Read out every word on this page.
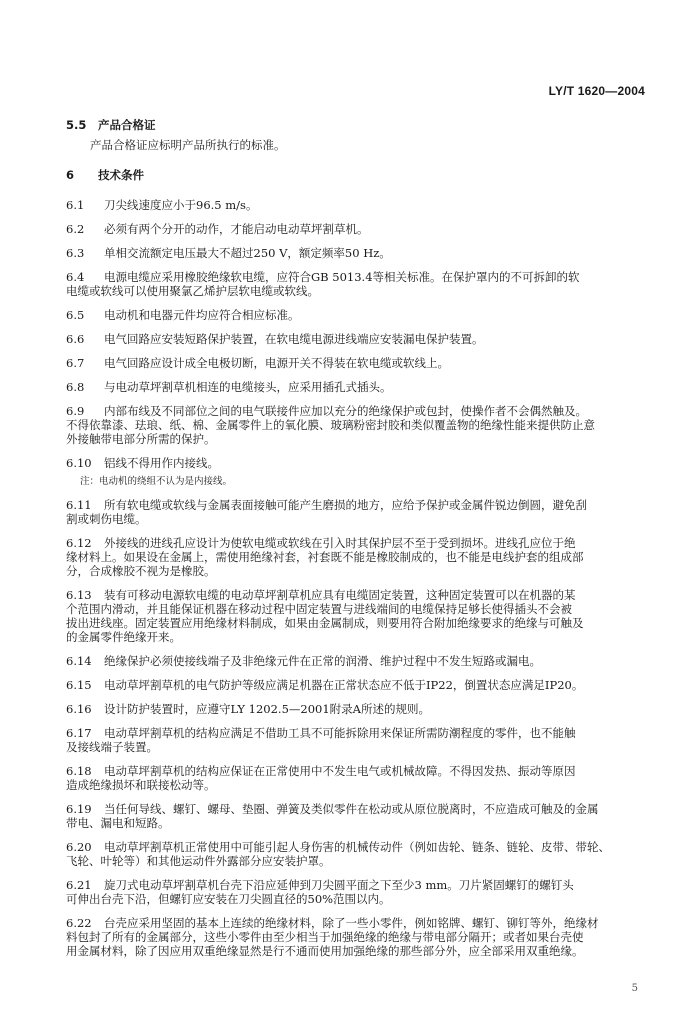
LY/T 1620—2004
5.5 产品合格证
产品合格证应标明产品所执行的标准。
6 技术条件
6.1 刀尖线速度应小于96.5 m/s。
6.2 必须有两个分开的动作，才能启动电动草坪割草机。
6.3 单相交流额定电压最大不超过250 V，额定频率50 Hz。
6.4 电源电缆应采用橡胶绝缘软电缆，应符合GB 5013.4等相关标准。在保护罩内的不可拆卸的软
电缆或软线可以使用聚氯乙烯护层软电缆或软线。
6.5 电动机和电器元件均应符合相应标准。
6.6 电气回路应安装短路保护装置，在软电缆电源进线端应安装漏电保护装置。
6.7 电气回路应设计成全电极切断，电源开关不得装在软电缆或软线上。
6.8 与电动草坪割草机相连的电缆接头，应采用插孔式插头。
6.9 内部布线及不同部位之间的电气联接件应加以充分的绝缘保护或包封，使操作者不会偶然触及。
不得依靠漆、珐琅、纸、棉、金属零件上的氧化膜、玻璃粉密封胶和类似覆盖物的绝缘性能来提供防止意
外接触带电部分所需的保护。
6.10 铝线不得用作内接线。
注：电动机的绕组不认为是内接线。
6.11 所有软电缆或软线与金属表面接触可能产生磨损的地方，应给予保护或金属件锐边倒圆，避免刮
割或刺伤电缆。
6.12 外接线的进线孔应设计为使软电缆或软线在引入时其保护层不至于受到损坏。进线孔应位于绝
缘材料上。如果设在金属上，需使用绝缘衬套，衬套既不能是橡胶制成的，也不能是电线护套的组成部
分，合成橡胶不视为是橡胶。
6.13 装有可移动电源软电缆的电动草坪割草机应具有电缆固定装置，这种固定装置可以在机器的某
个范围内滑动，并且能保证机器在移动过程中固定装置与进线端间的电缆保持足够长使得插头不会被
拔出进线座。固定装置应用绝缘材料制成，如果由金属制成，则要用符合附加绝缘要求的绝缘与可触及
的金属零件绝缘开来。
6.14 绝缘保护必须使接线端子及非绝缘元件在正常的润滑、维护过程中不发生短路或漏电。
6.15 电动草坪割草机的电气防护等级应满足机器在正常状态应不低于IP22，倒置状态应满足IP20。
6.16 设计防护装置时，应遵守LY 1202.5—2001附录A所述的规则。
6.17 电动草坪割草机的结构应满足不借助工具不可能拆除用来保证所需防潮程度的零件，也不能触
及接线端子装置。
6.18 电动草坪割草机的结构应保证在正常使用中不发生电气或机械故障。不得因发热、振动等原因
造成绝缘损坏和联接松动等。
6.19 当任何导线、螺钉、螺母、垫圈、弹簧及类似零件在松动或从原位脱离时，不应造成可触及的金属
带电、漏电和短路。
6.20 电动草坪割草机正常使用中可能引起人身伤害的机械传动件（例如齿轮、链条、链轮、皮带、带轮、
飞轮、叶轮等）和其他运动件外露部分应安装护罩。
6.21 旋刀式电动草坪割草机台壳下沿应延伸到刀尖圆平面之下至少3 mm。刀片紧固螺钉的螺钉头
可伸出台壳下沿，但螺钉应安装在刀尖圆直径的50%范围以内。
6.22 台壳应采用坚固的基本上连续的绝缘材料，除了一些小零件，例如铭牌、螺钉、铆钉等外，绝缘材
料包封了所有的金属部分，这些小零件由至少相当于加强绝缘的绝缘与带电部分隔开；或者如果台壳使
用金属材料，除了因应用双重绝缘显然是行不通而使用加强绝缘的那些部分外，应全部采用双重绝缘。
5
